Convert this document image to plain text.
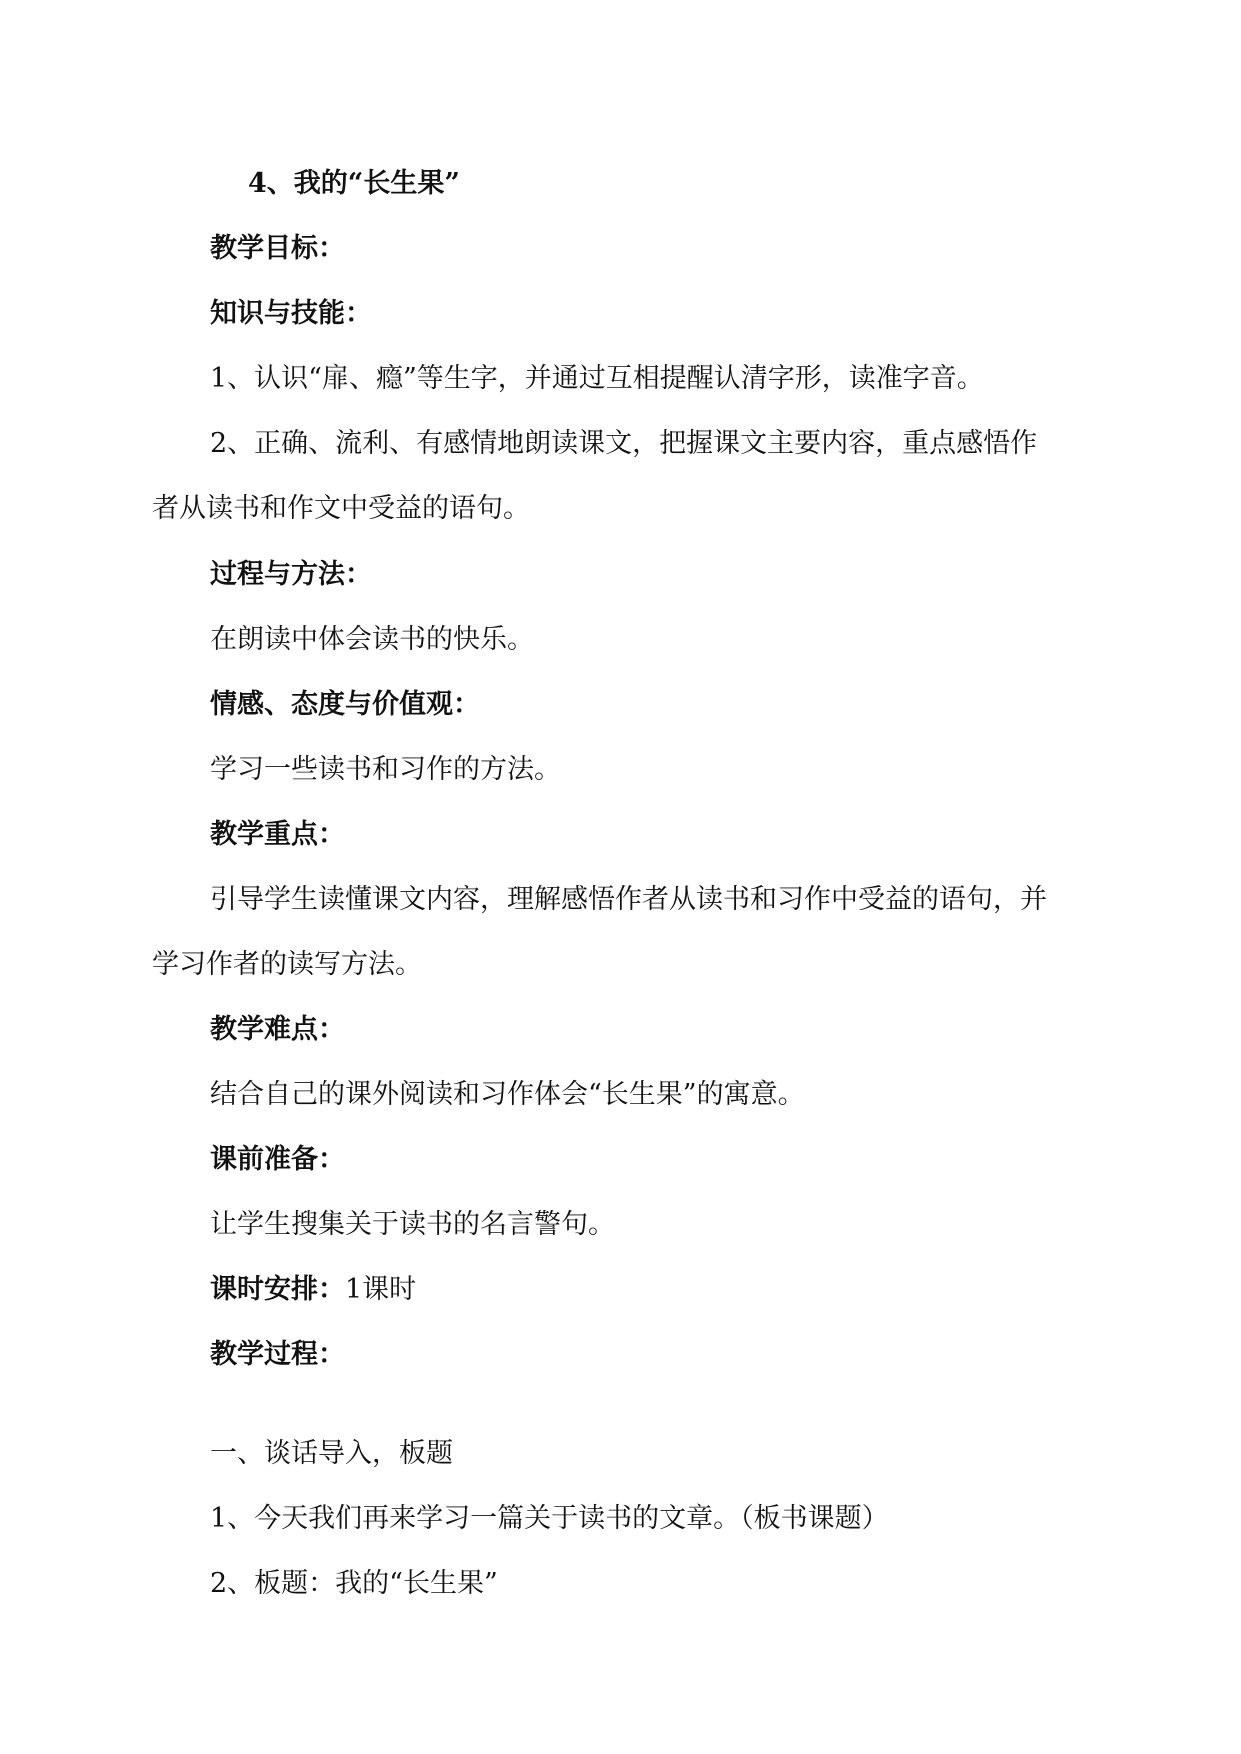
4、我的“长生果”
教学目标：
知识与技能：
1、认识“扉、瘾”等生字，并通过互相提醒认清字形，读准字音。
2、正确、流利、有感情地朗读课文，把握课文主要内容，重点感悟作
者从读书和作文中受益的语句。
过程与方法：
在朗读中体会读书的快乐。
情感、态度与价值观：
学习一些读书和习作的方法。
教学重点：
引导学生读懂课文内容，理解感悟作者从读书和习作中受益的语句，并
学习作者的读写方法。
教学难点：
结合自己的课外阅读和习作体会“长生果”的寓意。
课前准备：
让学生搜集关于读书的名言警句。
课时安排：1课时
教学过程：
一、谈话导入，板题
1、今天我们再来学习一篇关于读书的文章。（板书课题）
2、板题：我的“长生果”
